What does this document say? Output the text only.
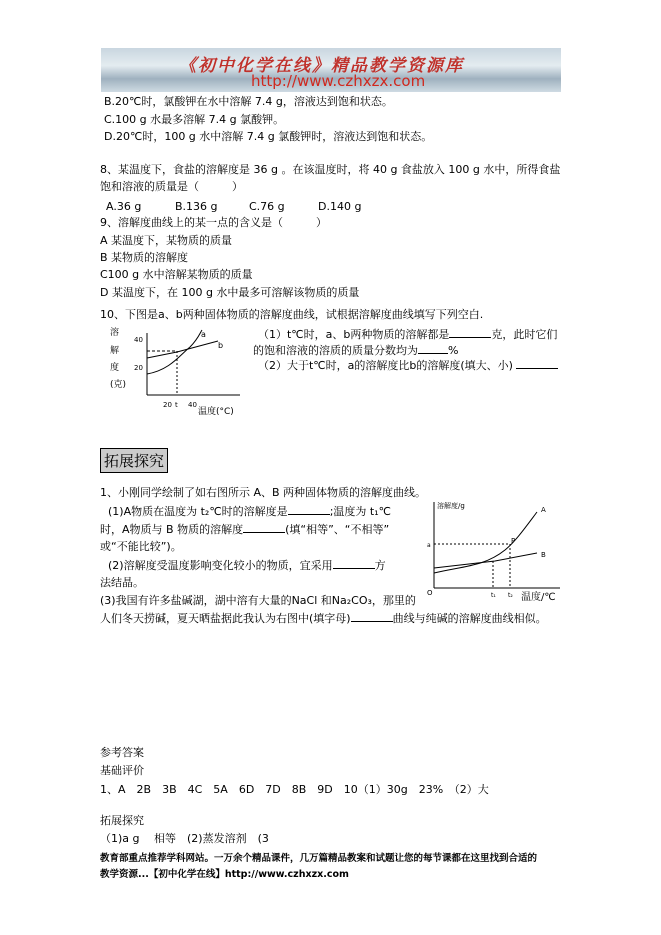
《初中化学在线》精品教学资源库
http://www.czhxzx.com
B.20℃时，氯酸钾在水中溶解 7.4 g，溶液达到饱和状态。
C.100 g 水最多溶解 7.4 g 氯酸钾。
D.20℃时，100 g 水中溶解 7.4 g 氯酸钾时，溶液达到饱和状态。
8、某温度下，食盐的溶解度是 36 g 。在该温度时，将 40 g 食盐放入 100 g 水中，所得食盐
饱和溶液的质量是（　　　）
A.36 g	B.136 g	C.76 g	D.140 g
9、溶解度曲线上的某一点的含义是（　　　）
A 某温度下，某物质的质量
B 某物质的溶解度
C100 g 水中溶解某物质的质量
D 某温度下，在 100 g 水中最多可溶解该物质的质量
10、下图是a、b两种固体物质的溶解度曲线，试根据溶解度曲线填写下列空白.
溶
解
度
(克)
40
20
20 t 40
温度(°C)
a
b
（1）t℃时，a、b两种物质的溶解都是	克，此时它们
的饱和溶液的溶质的质量分数均为	%
（2）大于t℃时，a的溶解度比b的溶解度(填大、小)
拓展探究
1、小刚同学绘制了如右图所示 A、B 两种固体物质的溶解度曲线。
(1)A物质在温度为 t₂℃时的溶解度是	;温度为 t₁℃
时，A物质与 B 物质的溶解度	(填“相等”、“不相等”
或“不能比较”)。
(2)溶解度受温度影响变化较小的物质，宜采用	方
法结晶。
(3)我国有许多盐碱湖，湖中溶有大量的NaCl 和Na₂CO₃，那里的
人们冬天捞碱，夏天晒盐据此我认为右图中(填字母)	曲线与纯碱的溶解度曲线相似。
溶解度/g
温度/℃
O
a
P
t₁ t₂
A
B
参考答案
基础评价
1、A　2B　3B　4C　5A　6D　7D　8B　9D　10（1）30g　23%　（2）大
拓展探究
（1)a g　 相等　(2)蒸发溶剂　(3
教育部重点推荐学科网站。一万余个精品课件，几万篇精品教案和试题让您的每节课都在这里找到合适的
教学资源...【初中化学在线】http://www.czhxzx.com
